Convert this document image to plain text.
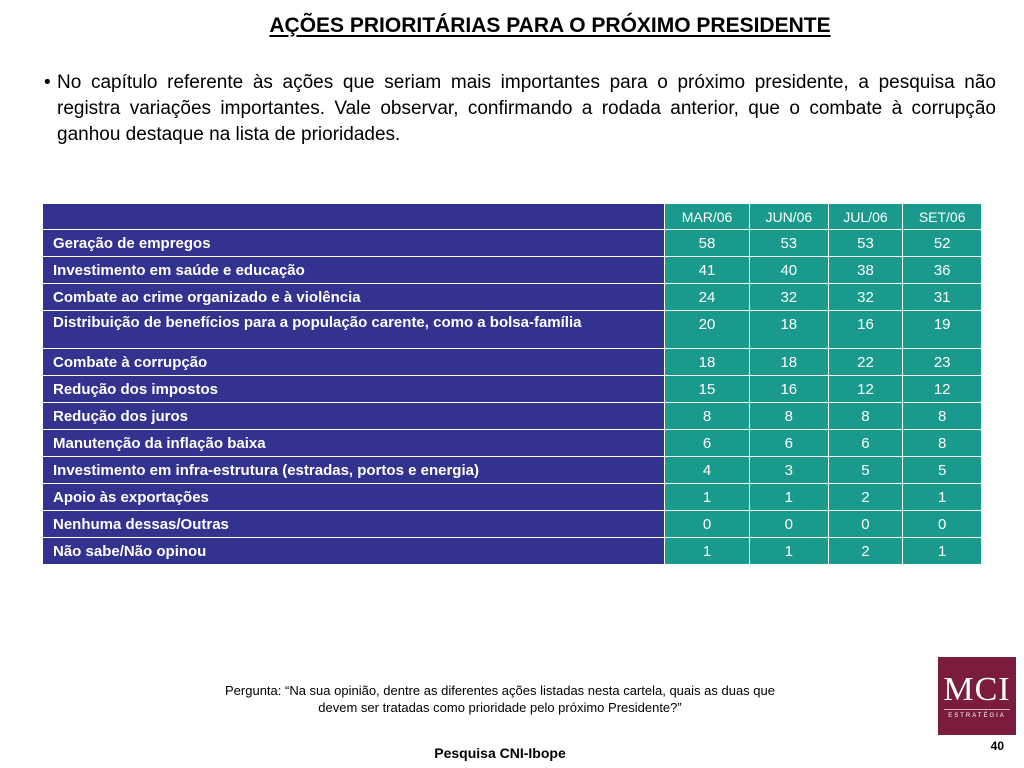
AÇÕES PRIORITÁRIAS PARA O PRÓXIMO PRESIDENTE
• No capítulo referente às ações que seriam mais importantes para o próximo presidente, a pesquisa não registra variações importantes. Vale observar, confirmando a rodada anterior, que o combate à corrupção ganhou destaque na lista de prioridades.
	MAR/06	JUN/06	JUL/06	SET/06
Geração de empregos	58	53	53	52
Investimento em saúde e educação	41	40	38	36
Combate ao crime organizado e à violência	24	32	32	31
Distribuição de benefícios para a população carente, como a bolsa-família	20	18	16	19
Combate à corrupção	18	18	22	23
Redução dos impostos	15	16	12	12
Redução dos juros	8	8	8	8
Manutenção da inflação baixa	6	6	6	8
Investimento em infra-estrutura (estradas, portos e energia)	4	3	5	5
Apoio às exportações	1	1	2	1
Nenhuma dessas/Outras	0	0	0	0
Não sabe/Não opinou	1	1	2	1
Pergunta: “Na sua opinião, dentre as diferentes ações listadas nesta cartela, quais as duas que
devem ser tratadas como prioridade pelo próximo Presidente?”
Pesquisa CNI-Ibope	40
MCI
ESTRATÉGIA
